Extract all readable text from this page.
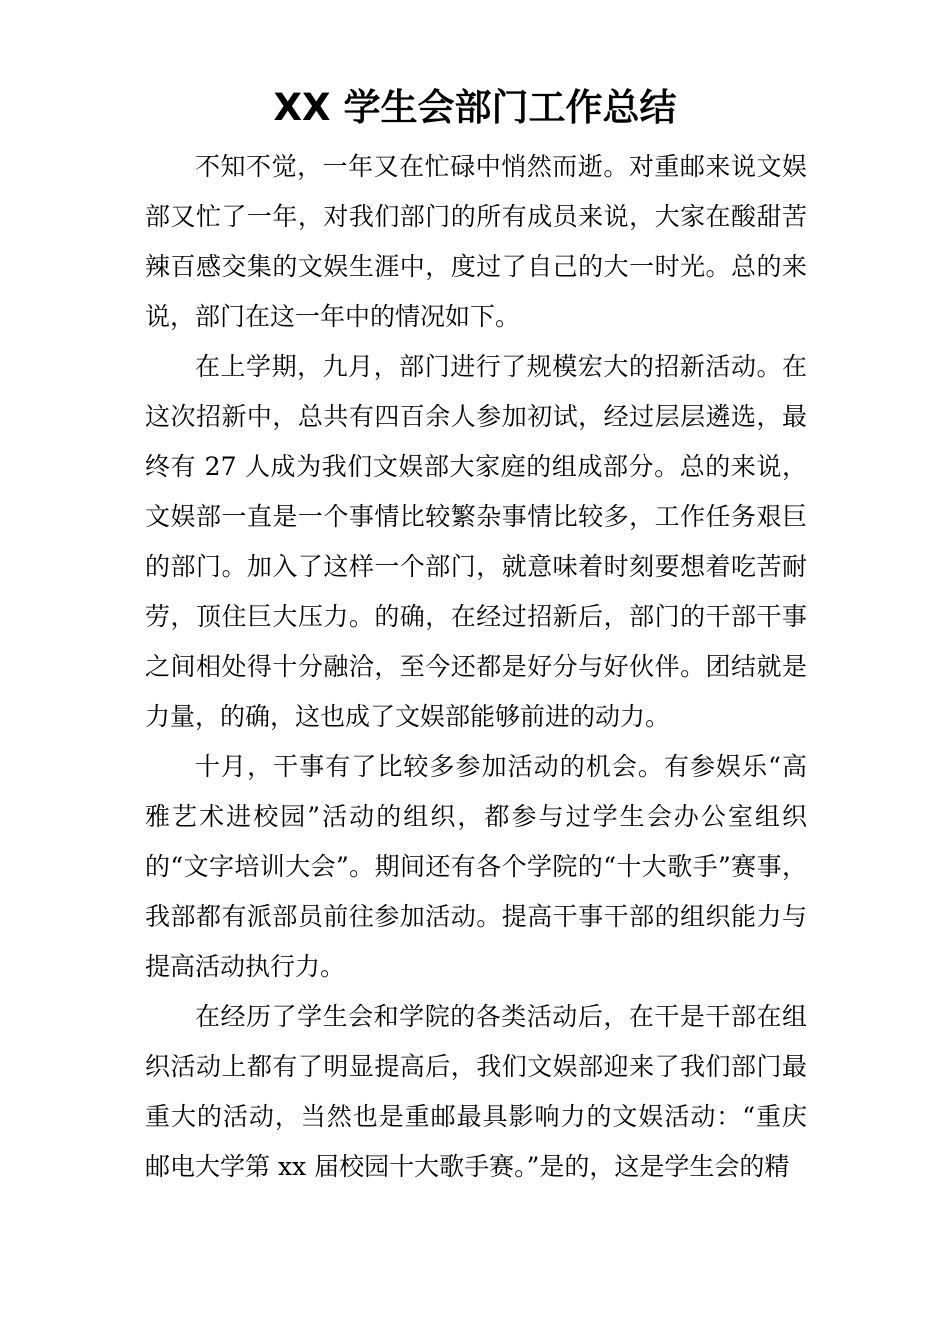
XX 学生会部门工作总结

不知不觉，一年又在忙碌中悄然而逝。对重邮来说文娱部又忙了一年，对我们部门的所有成员来说，大家在酸甜苦辣百感交集的文娱生涯中，度过了自己的大一时光。总的来说，部门在这一年中的情况如下。

在上学期，九月，部门进行了规模宏大的招新活动。在这次招新中，总共有四百余人参加初试，经过层层遴选，最终有 27 人成为我们文娱部大家庭的组成部分。总的来说，文娱部一直是一个事情比较繁杂事情比较多，工作任务艰巨的部门。加入了这样一个部门，就意味着时刻要想着吃苦耐劳，顶住巨大压力。的确，在经过招新后，部门的干部干事之间相处得十分融洽，至今还都是好分与好伙伴。团结就是力量，的确，这也成了文娱部能够前进的动力。

十月，干事有了比较多参加活动的机会。有参娱乐“高雅艺术进校园”活动的组织，都参与过学生会办公室组织的“文字培训大会”。期间还有各个学院的“十大歌手”赛事，我部都有派部员前往参加活动。提高干事干部的组织能力与提高活动执行力。

在经历了学生会和学院的各类活动后，在干是干部在组织活动上都有了明显提高后，我们文娱部迎来了我们部门最重大的活动，当然也是重邮最具影响力的文娱活动：“重庆邮电大学第 xx 届校园十大歌手赛。”是的，这是学生会的精
